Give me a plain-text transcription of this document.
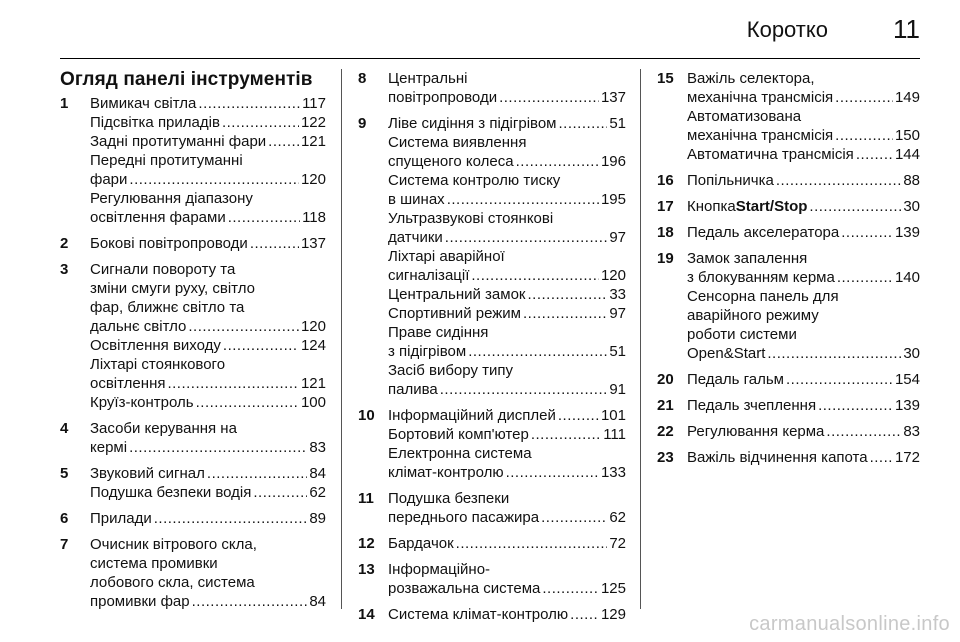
Коротко	11
Огляд панелі інструментів
1	Вимикач світла .....	117
Підсвітка приладів .....	122
Задні протитуманні фари ..... 121
Передні протитуманні
фари .....	120
Регулювання діапазону
освітлення фарами .....	118
2	Бокові повітропроводи .....	137
3	Сигнали повороту та
зміни смуги руху, світло
фар, ближнє світло та
дальнє світло .....	120
Освітлення виходу .....	124
Ліхтарі стоянкового
освітлення .....	121
Круїз-контроль .....	100
4	Засоби керування на
кермі .....	83
5	Звуковий сигнал .....	84
Подушка безпеки водія .....	62
6	Прилади .....	89
7	Очисник вітрового скла,
система промивки
лобового скла, система
промивки фар .....	84
8	Центральні
повітропроводи .....	137
9	Ліве сидіння з підігрівом .....	51
Система виявлення
спущеного колеса .....	196
Система контролю тиску
в шинах .....	195
Ультразвукові стоянкові
датчики .....	97
Ліхтарі аварійної
сигналізації .....	120
Центральний замок .....	33
Спортивний режим .....	97
Праве сидіння
з підігрівом .....	51
Засіб вибору типу
палива .....	91
10 Інформаційний дисплей .....	101
Бортовий комп'ютер .....	111
Електронна система
клімат-контролю .....	133
11 Подушка безпеки
переднього пасажира .....	62
12 Бардачок .....	72
13 Інформаційно-
розважальна система .....	125
14 Система клімат-контролю ..... 129
15 Важіль селектора,
механічна трансмісія .....	149
Автоматизована
механічна трансмісія .....	150
Автоматична трансмісія .....	144
16 Попільничка .....	88
17 Кнопка Start/Stop .....	30
18 Педаль акселератора .....	139
19 Замок запалення
з блокуванням керма .....	140
Сенсорна панель для
аварійного режиму
роботи системи
Open&Start .....	30
20 Педаль гальм .....	154
21 Педаль зчеплення .....	139
22 Регулювання керма .....	83
23 Важіль відчинення капота ..... 172
carmanualsonline.info
